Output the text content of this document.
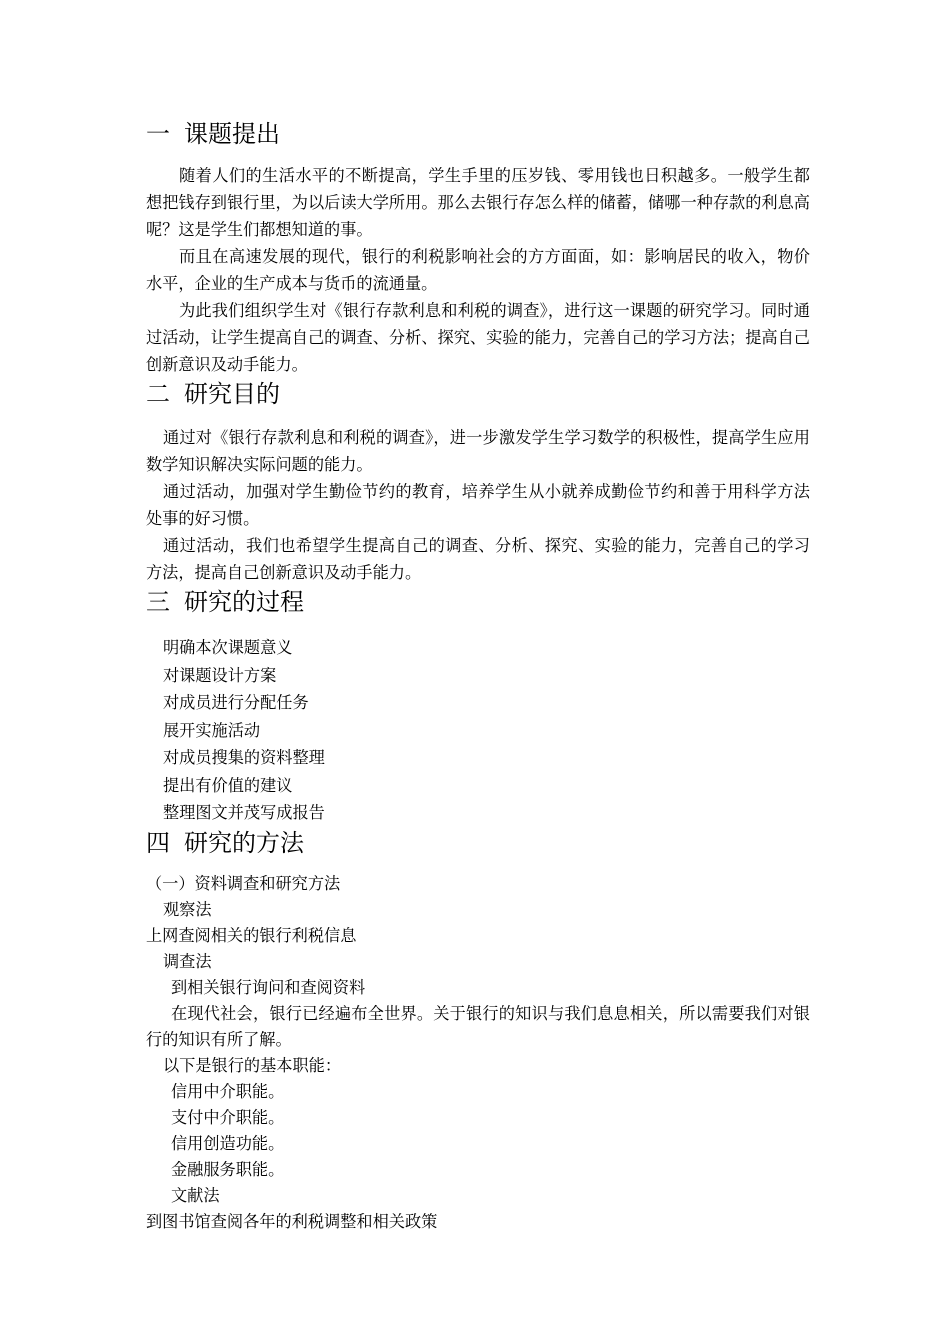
一 课题提出

随着人们的生活水平的不断提高，学生手里的压岁钱、零用钱也日积越多。一般学生都想把钱存到银行里，为以后读大学所用。那么去银行存怎么样的储蓄，储哪一种存款的利息高呢？这是学生们都想知道的事。

而且在高速发展的现代，银行的利税影响社会的方方面面，如：影响居民的收入，物价水平，企业的生产成本与货币的流通量。

为此我们组织学生对《银行存款利息和利税的调查》，进行这一课题的研究学习。同时通过活动，让学生提高自己的调查、分析、探究、实验的能力，完善自己的学习方法；提高自己创新意识及动手能力。

二 研究目的

通过对《银行存款利息和利税的调查》，进一步激发学生学习数学的积极性，提高学生应用数学知识解决实际问题的能力。

通过活动，加强对学生勤俭节约的教育，培养学生从小就养成勤俭节约和善于用科学方法处事的好习惯。

通过活动，我们也希望学生提高自己的调查、分析、探究、实验的能力，完善自己的学习方法，提高自己创新意识及动手能力。

三 研究的过程

明确本次课题意义

对课题设计方案

对成员进行分配任务

展开实施活动

对成员搜集的资料整理

提出有价值的建议

整理图文并茂写成报告

四 研究的方法

（一）资料调查和研究方法

观察法

上网查阅相关的银行利税信息

调查法

到相关银行询问和查阅资料

在现代社会，银行已经遍布全世界。关于银行的知识与我们息息相关，所以需要我们对银行的知识有所了解。

以下是银行的基本职能：

信用中介职能。

支付中介职能。

信用创造功能。

金融服务职能。

文献法

到图书馆查阅各年的利税调整和相关政策
